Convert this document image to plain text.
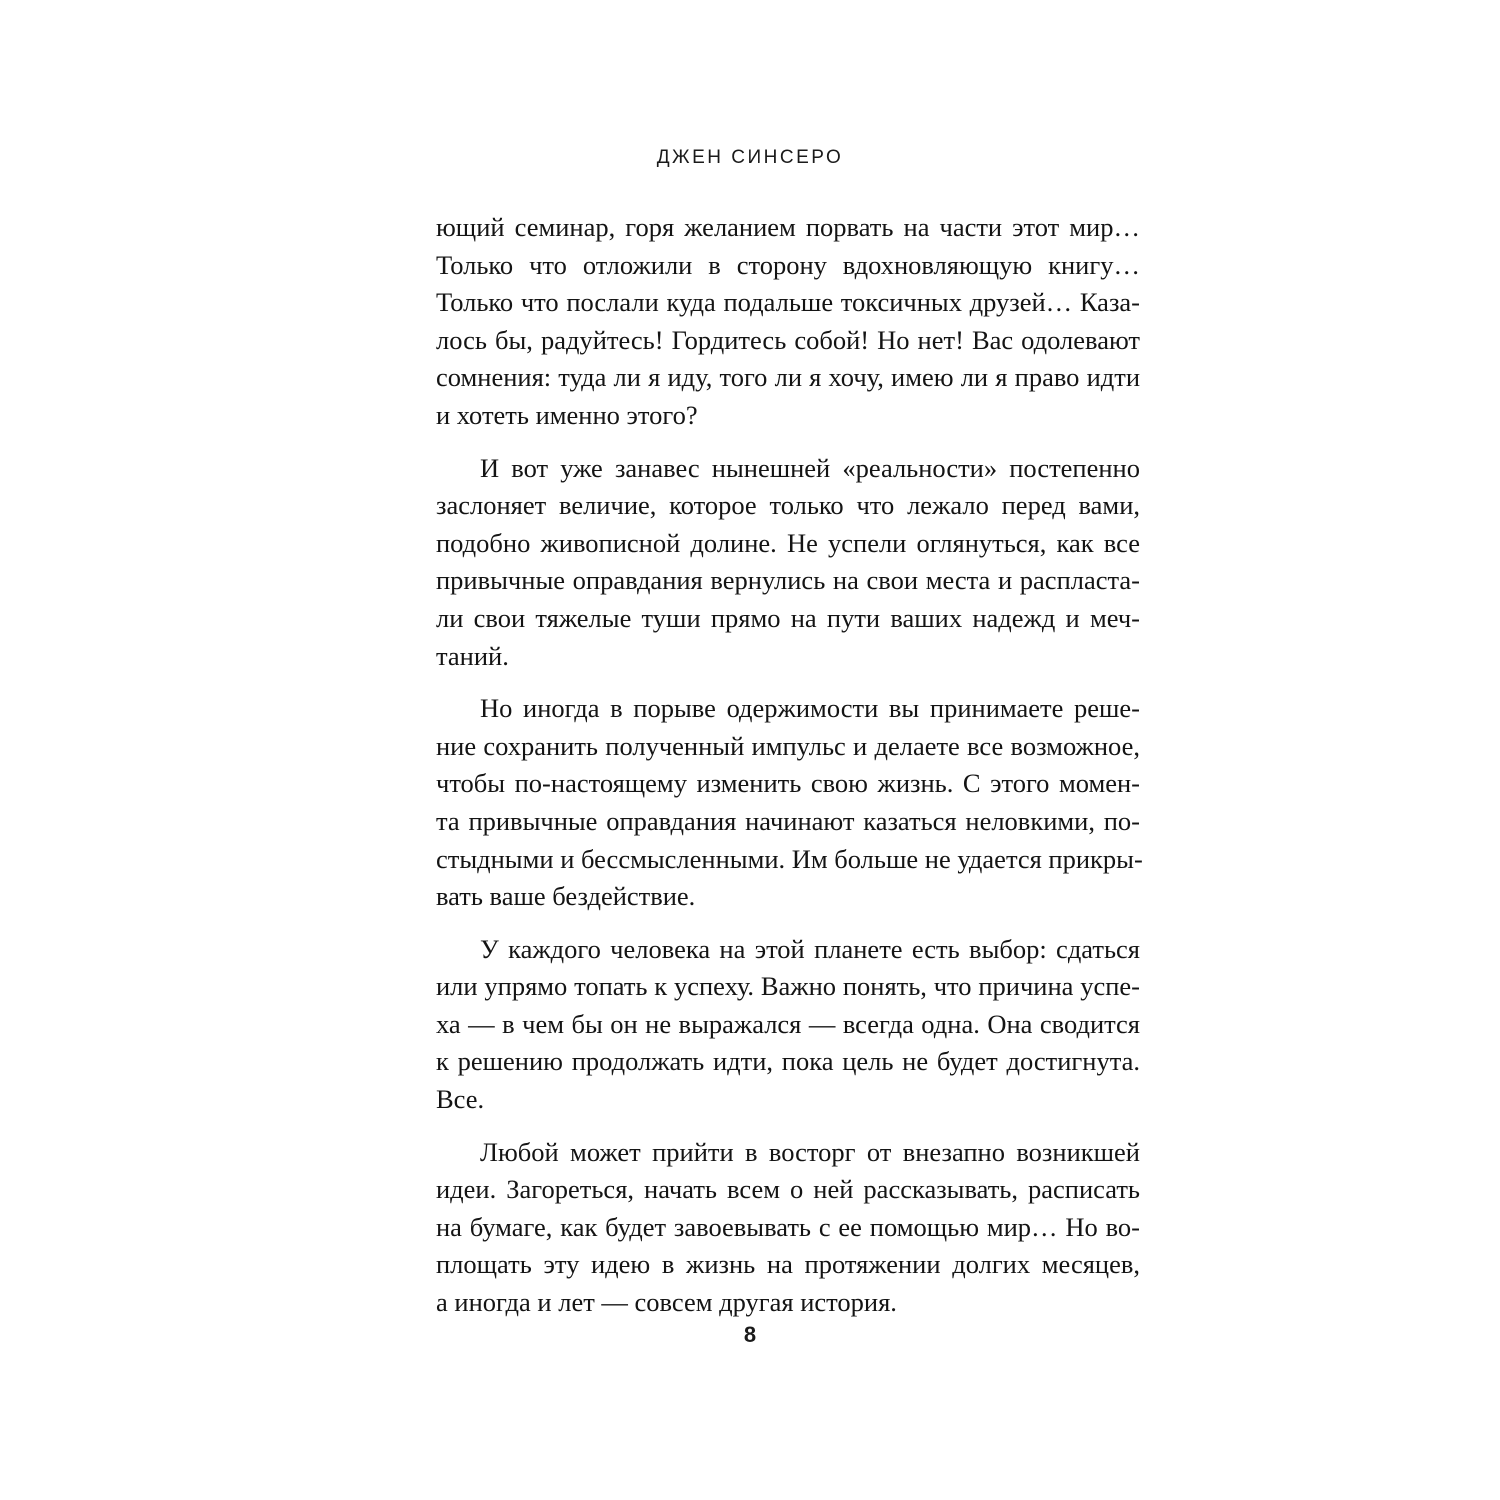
ДЖЕН СИНСЕРО
ющий семинар, горя желанием порвать на части этот мир…
Только что отложили в сторону вдохновляющую книгу…
Только что послали куда подальше токсичных друзей… Каза-
лось бы, радуйтесь! Гордитесь собой! Но нет! Вас одолевают
сомнения: туда ли я иду, того ли я хочу, имею ли я право идти
и хотеть именно этого?
И вот уже занавес нынешней «реальности» постепенно
заслоняет величие, которое только что лежало перед вами,
подобно живописной долине. Не успели оглянуться, как все
привычные оправдания вернулись на свои места и распласта-
ли свои тяжелые туши прямо на пути ваших надежд и меч-
таний.
Но иногда в порыве одержимости вы принимаете реше-
ние сохранить полученный импульс и делаете все возможное,
чтобы по-настоящему изменить свою жизнь. С этого момен-
та привычные оправдания начинают казаться неловкими, по-
стыдными и бессмысленными. Им больше не удается прикры-
вать ваше бездействие.
У каждого человека на этой планете есть выбор: сдаться
или упрямо топать к успеху. Важно понять, что причина успе-
ха — в чем бы он не выражался — всегда одна. Она сводится
к решению продолжать идти, пока цель не будет достигнута.
Все.
Любой может прийти в восторг от внезапно возникшей
идеи. Загореться, начать всем о ней рассказывать, расписать
на бумаге, как будет завоевывать с ее помощью мир… Но во-
площать эту идею в жизнь на протяжении долгих месяцев,
а иногда и лет — совсем другая история.
8
